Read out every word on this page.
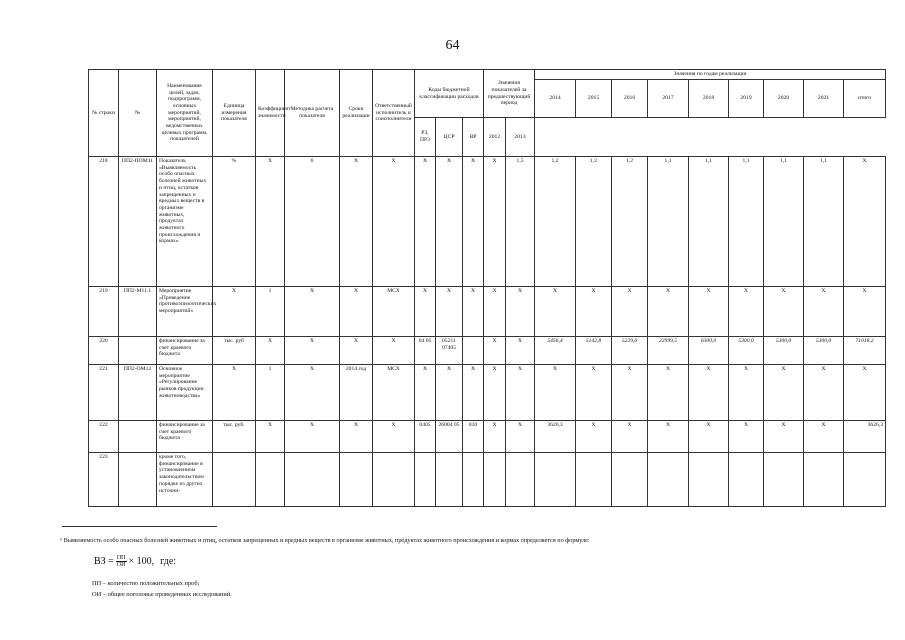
64
№ строки	№	Наименование целей, задач, подпрограмм, основных мероприятий, мероприятий, ведомственных целевых программ, показателей	Единица измерения показателя	Коэффициент значимости	Методика расчета показателя	Сроки реализации	Ответственный исполнитель и соисполнители	Коды бюджетной классификации расходов			Значения показателей за предшествующий период		Значения по годам реализации								
													2014	2015	2016	2017	2018	2019	2020	2021	итого
								РЗ, ПР3	ЦСР	ВР	2012	2013									
218	ПП2-ПОМ11	Показатель «Выявляемость особо опасных болезней животных и птиц, остатков запрещенных и вредных веществ в организме животных, продуктах животного происхождения и кормах»	%	X	6	X	X	X	X	X	X	1,5	1,2	1,2	1,2	1,1	1,1	1,1	1,1	1,1	X
219	ПП2-М11.1	Мероприятие «Проведение противоэпизоотических мероприятий»	X	1	X	X	МСХ	X	X	X	X	X	X	X	X	X	X	X	X	X	X
220		финансирование за счет краевого бюджета	тыс. руб	X	X	X	X	04 05	05211 07405		X	X	5456,4	5142,8	5229,6	22999,5	6300,0	5300,0	5300,0	5300,0	71018,2
221	ПП2-ОМ12	Основное мероприятие «Регулирование рынков продукции животноводства»	X	1	X	2014 год	МСХ	X	X	X	X	X	X	X	X	X	X	X	X	X	X
222		финансирование за счет краевого бюджета	тыс. руб.	X	X	X	X	0405	26004 05	810	X	X	3626,3	X	X	X	X	X	X	X	3626,3
223		кроме того, финансирование в установленном законодательством порядке из других источни-																			
⁶ Выявляемость особо опасных болезней животных и птиц, остатков запрещенных и вредных веществ в организме животных, продуктах животного происхождения и кормах определяется по формуле:
ВЗ = $\frac{ПП}{ОИ} \times 100$, где:
ПП – количество положительных проб;
ОИ – общее поголовье проведенных исследований.
